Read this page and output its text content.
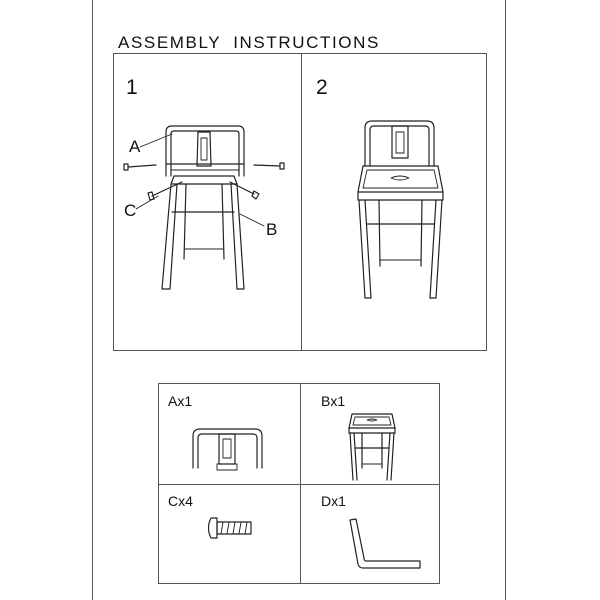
ASSEMBLY INSTRUCTIONS
1	2
A
C
B
Ax1	Bx1
Cx4	Dx1
